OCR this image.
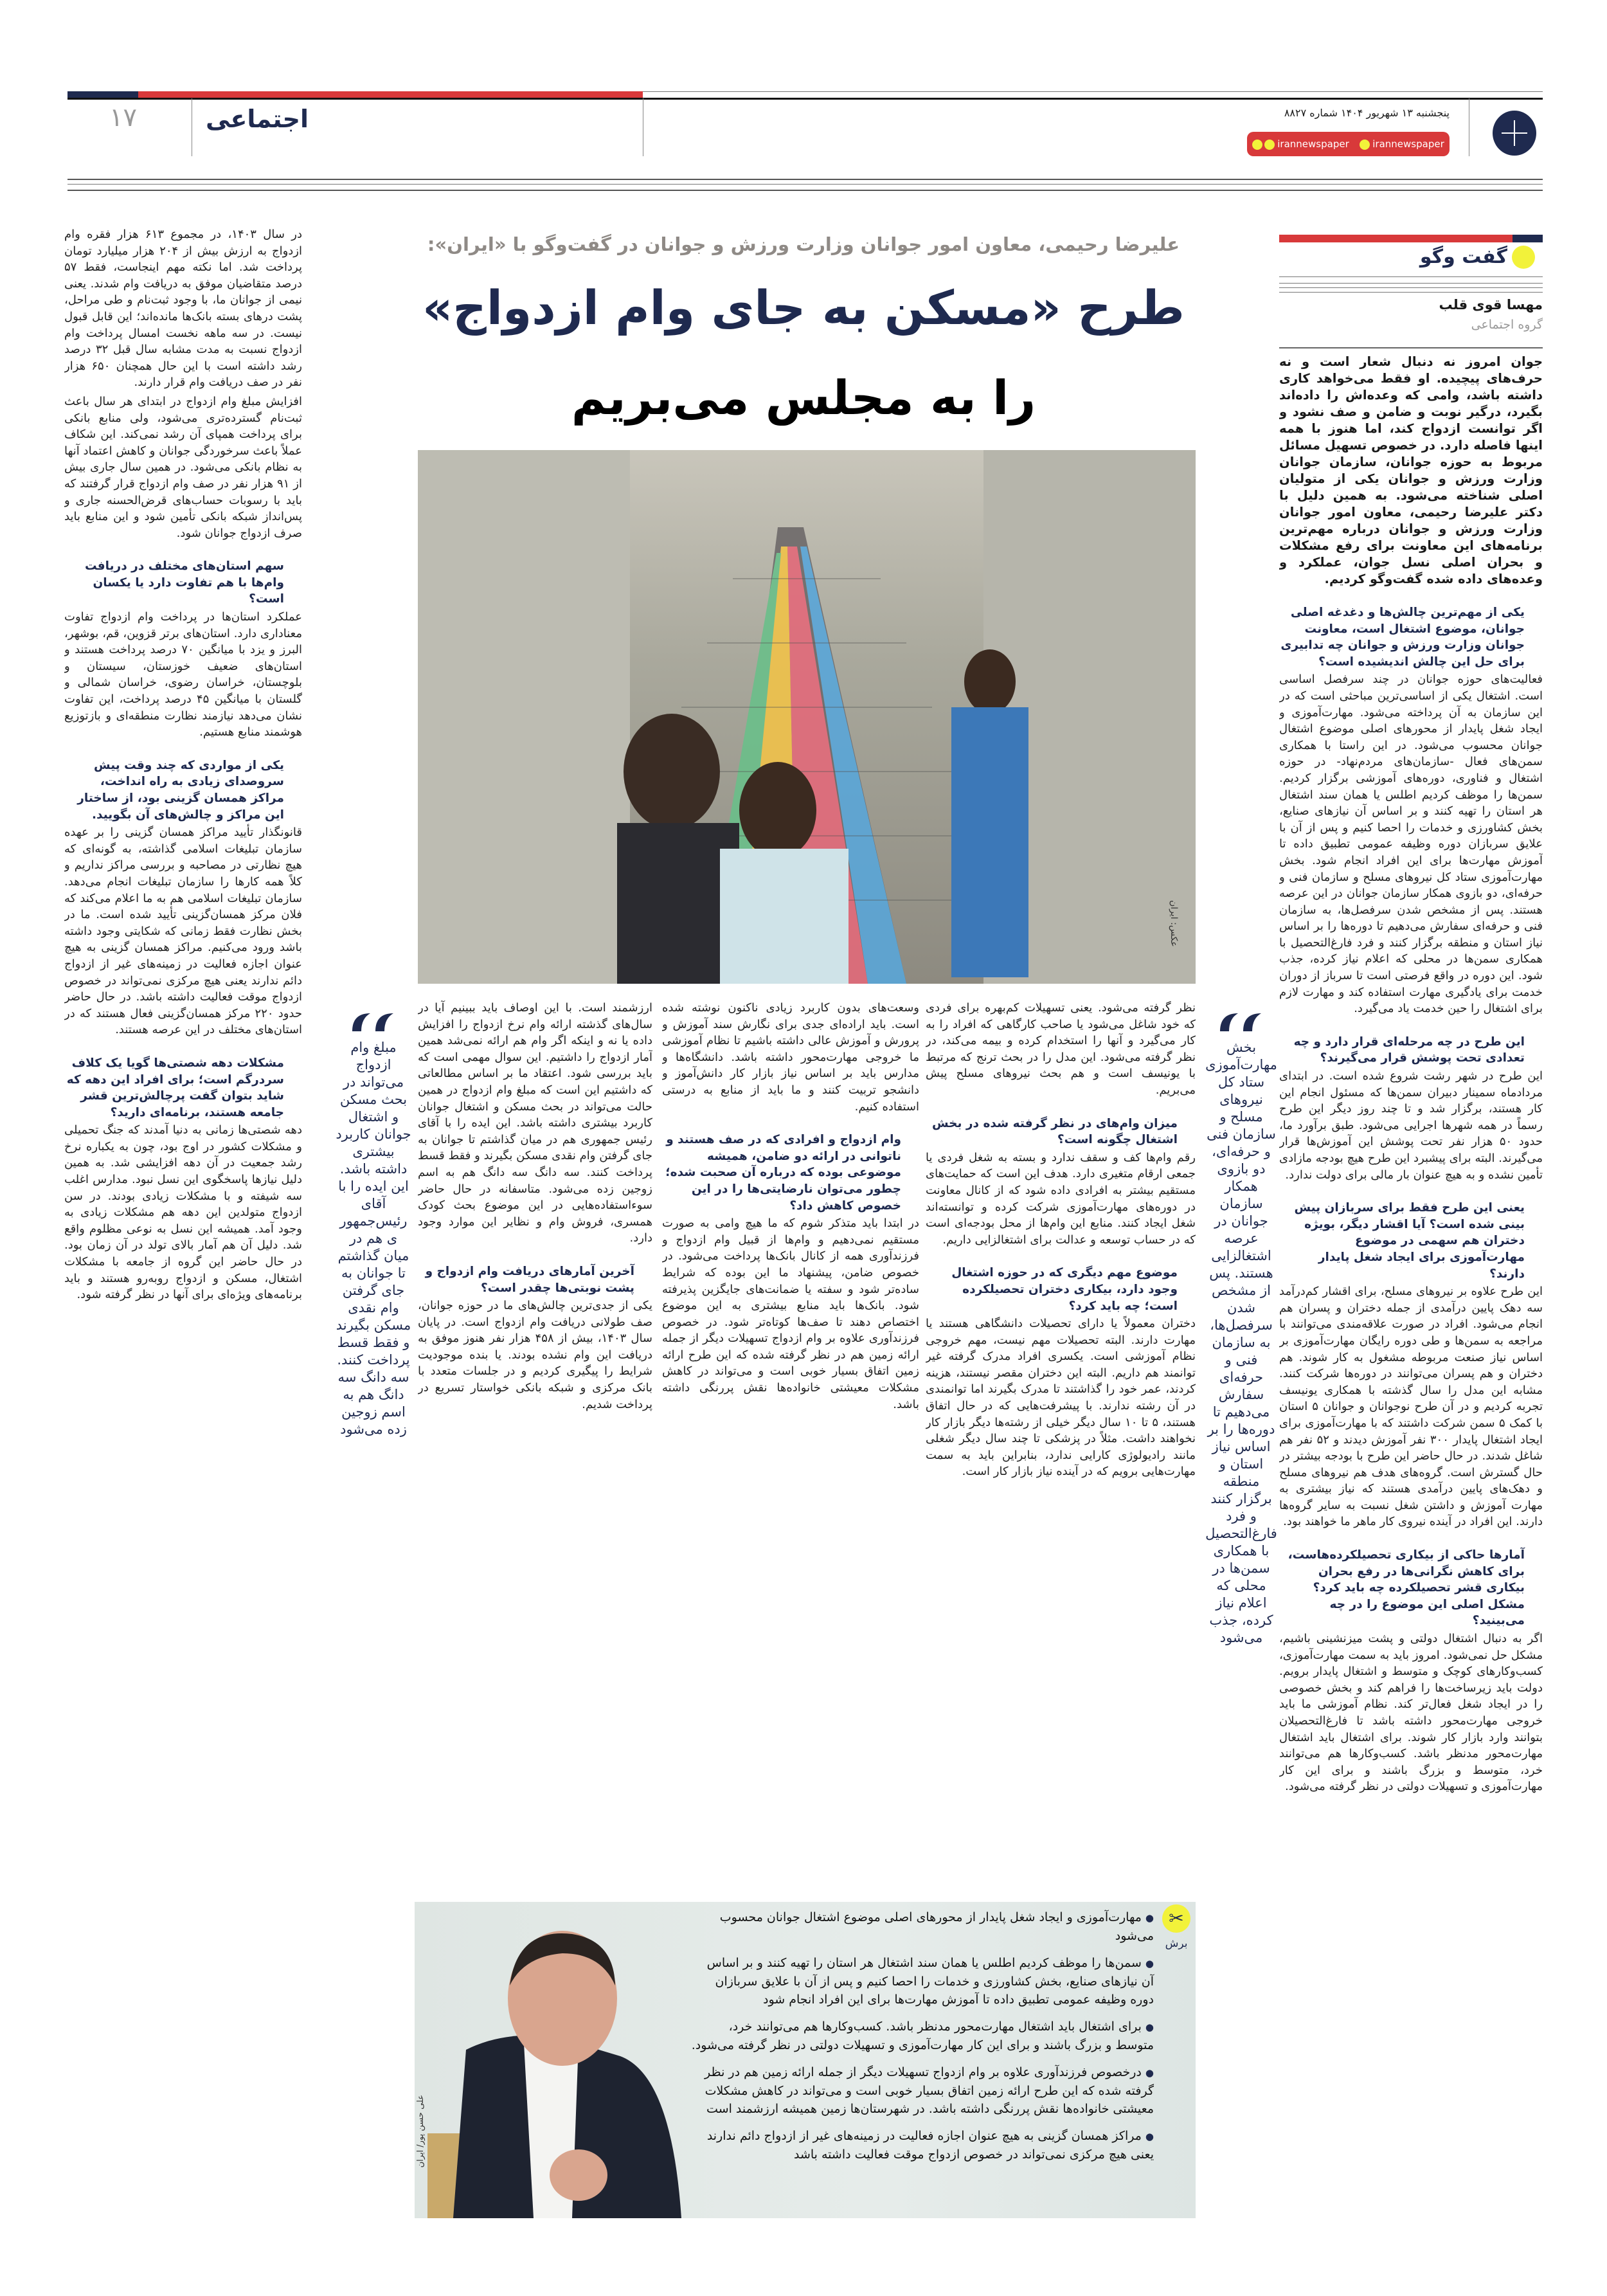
۱۷	اجتماعی	پنجشنبه ۱۳ شهریور ۱۴۰۴ شماره ۸۸۲۷
irannewspaper	irannewspaper
علیرضا رحیمی، معاون امور جوانان وزارت ورزش و جوانان در گفت‌وگو با «ایران»:
طرح «مسکن به جای وام ازدواج»
را به مجلس می‌بریم
عکس: ایران
گفت وگو
مهسا قوی قلب
گروه اجتماعی
جوان امروز نه دنبال شعار است و نه حرف‌های پیچیده. او فقط می‌خواهد کاری داشته باشد، وامی که وعده‌اش را داده‌اند بگیرد، درگیر نوبت و ضامن و صف نشود و اگر توانست ازدواج کند، اما هنوز با همه اینها فاصله دارد. در خصوص تسهیل مسائل مربوط به حوزه جوانان، سازمان جوانان وزارت ورزش و جوانان یکی از متولیان اصلی شناخته می‌شود. به همین دلیل با دکتر علیرضا رحیمی، معاون امور جوانان وزارت ورزش و جوانان درباره مهم‌ترین برنامه‌های این معاونت برای رفع مشکلات و بحران اصلی نسل جوان، عملکرد و وعده‌های داده شده گفت‌وگو کردیم.
یکی از مهم‌ترین چالش‌ها و دغدغه اصلی جوانان، موضوع اشتغال است، معاونت جوانان وزارت ورزش و جوانان چه تدابیری برای حل این چالش اندیشیده است؟

فعالیت‌های حوزه جوانان در چند سرفصل اساسی است. اشتغال یکی از اساسی‌ترین مباحثی است که در این سازمان به آن پرداخته می‌شود. مهارت‌آموزی و ایجاد شغل پایدار از محورهای اصلی موضوع اشتغال جوانان محسوب می‌شود. در این راستا با همکاری سمن‌های فعال -سازمان‌های مردم‌نهاد- در حوزه اشتغال و فناوری، دوره‌های آموزشی برگزار کردیم. سمن‌ها را موظف کردیم اطلس یا همان سند اشتغال هر استان را تهیه کنند و بر اساس آن نیازهای صنایع، بخش کشاورزی و خدمات را احصا کنیم و پس از آن با علایق سربازان دوره وظیفه عمومی تطبیق داده تا آموزش مهارت‌ها برای این افراد انجام شود. بخش مهارت‌آموزی ستاد کل نیروهای مسلح و سازمان فنی و حرفه‌ای، دو بازوی همکار سازمان جوانان در این عرصه هستند. پس از مشخص شدن سرفصل‌ها، به سازمان فنی و حرفه‌ای سفارش می‌دهیم تا دوره‌ها را بر اساس نیاز استان و منطقه برگزار کنند و فرد فارغ‌التحصیل با همکاری سمن‌ها در محلی که اعلام نیاز کرده، جذب شود. این دوره در واقع فرصتی است تا سرباز از دوران خدمت برای یادگیری مهارت استفاده کند و مهارت لازم برای اشتغال را حین خدمت یاد می‌گیرد.

این طرح در چه مرحله‌ای قرار دارد و چه تعدادی تحت پوشش قرار می‌گیرند؟

این طرح در شهر رشت شروع شده است. در ابتدای مردادماه سمینار دبیران سمن‌ها که مسئول انجام این کار هستند، برگزار شد و تا چند روز دیگر این طرح رسماً در همه شهرها اجرایی می‌شود. طبق برآورد ما، حدود ۵۰ هزار نفر تحت پوشش این آموزش‌ها قرار می‌گیرند. البته برای پیشبرد این طرح هیچ بودجه مازادی تأمین نشده و به هیچ عنوان بار مالی برای دولت ندارد.

یعنی این طرح فقط برای سربازان پیش بینی شده است؟ آیا اقشار دیگر، بویژه دختران هم سهمی در موضوع مهارت‌آموزی برای ایجاد شغل پایدار دارند؟

این طرح علاوه بر نیروهای مسلح، برای اقشار کم‌درآمد سه دهک پایین درآمدی از جمله دختران و پسران هم انجام می‌شود. افراد در صورت علاقه‌مندی می‌توانند با مراجعه به سمن‌ها و طی دوره رایگان مهارت‌آموزی بر اساس نیاز صنعت مربوطه مشغول به کار شوند. هم دختران و هم پسران می‌توانند در دوره‌ها شرکت کنند. مشابه این مدل را سال گذشته با همکاری یونیسف تجربه کردیم و در آن طرح نوجوانان و جوانان ۵ استان با کمک ۵ سمن شرکت داشتند که با مهارت‌آموزی برای ایجاد اشتغال پایدار ۳۰۰ نفر آموزش دیدند و ۵۲ نفر هم شاغل شدند. در حال حاضر این طرح با بودجه بیشتر در حال گسترش است. گروه‌های هدف هم نیروهای مسلح و دهک‌های پایین درآمدی هستند که نیاز بیشتری به مهارت آموزش و داشتن شغل نسبت به سایر گروه‌ها دارند. این افراد در آینده نیروی کار ماهر ما خواهند بود.

آمارها حاکی از بیکاری تحصیلکرده‌هاست، برای کاهش نگرانی‌ها در رفع بحران بیکاری قشر تحصیلکرده چه باید کرد؟ مشکل اصلی این موضوع را در چه می‌بینید؟

اگر به دنبال اشتغال دولتی و پشت میزنشینی باشیم، مشکل حل نمی‌شود. امروز باید به سمت مهارت‌آموزی، کسب‌وکارهای کوچک و متوسط و اشتغال پایدار برویم. دولت باید زیرساخت‌ها را فراهم کند و بخش خصوصی را در ایجاد شغل فعال‌تر کند. نظام آموزشی ما باید خروجی مهارت‌محور داشته باشد تا فارغ‌التحصیلان بتوانند وارد بازار کار شوند. برای اشتغال باید اشتغال مهارت‌محور مدنظر باشد. کسب‌وکارها هم می‌توانند خرد، متوسط و بزرگ باشند و برای این کار مهارت‌آموزی و تسهیلات دولتی در نظر گرفته می‌شود.

نظر گرفته می‌شود. یعنی تسهیلات کم‌بهره برای فردی که خود شاغل می‌شود یا صاحب کارگاهی که افراد را به کار می‌گیرد و آنها را استخدام کرده و بیمه می‌کند، در نظر گرفته می‌شود. این مدل را در بحث ترنج که مرتبط با یونیسف است و هم بحث نیروهای مسلح پیش می‌بریم.

میزان وام‌های در نظر گرفته شده در بخش اشتغال چگونه است؟

رقم وام‌ها کف و سقف ندارد و بسته به شغل فردی یا جمعی ارقام متغیری دارد. هدف این است که حمایت‌های مستقیم بیشتر به افرادی داده شود که از کانال معاونت در دوره‌های مهارت‌آموزی شرکت کرده و توانسته‌اند شغل ایجاد کنند. منابع این وام‌ها از محل بودجه‌ای است که در حساب توسعه و عدالت برای اشتغالزایی داریم.

موضوع مهم دیگری که در حوزه اشتغال وجود دارد، بیکاری دختران تحصیلکرده است؛ چه باید کرد؟

دختران معمولاً یا دارای تحصیلات دانشگاهی هستند یا مهارت دارند. البته تحصیلات مهم نیست، مهم خروجی نظام آموزشی است. یکسری افراد مدرک گرفته غیر توانمند هم داریم. البته این دختران مقصر نیستند، هزینه کردند، عمر خود را گذاشتند تا مدرک بگیرند اما توانمندی در آن رشته ندارند. با پیشرفت‌هایی که در حال اتفاق هستند، ۵ تا ۱۰ سال دیگر خیلی از رشته‌ها دیگر بازار کار نخواهند داشت. مثلاً در پزشکی تا چند سال دیگر شغلی مانند رادیولوژی کارایی ندارد، بنابراین باید به سمت مهارت‌هایی برویم که در آینده نیاز بازار کار است.

وسعت‌های بدون کاربرد زیادی ناکنون نوشته شده است. باید اراده‌ای جدی برای نگارش سند آموزش و پرورش و آموزش عالی داشته باشیم تا نظام آموزشی ما خروجی مهارت‌محور داشته باشد. دانشگاه‌ها و مدارس باید بر اساس نیاز بازار کار دانش‌آموز و دانشجو تربیت کنند و ما باید از منابع به درستی استفاده کنیم.

وام ازدواج و افرادی که در صف هستند و ناتوانی در ارائه دو ضامن، همیشه موضوعی بوده که درباره آن صحبت شده؛ چطور می‌توان نارضایتی‌ها را در این خصوص کاهش داد؟

در ابتدا باید متذکر شوم که ما هیچ وامی به صورت مستقیم نمی‌دهیم و وام‌ها از قبیل وام ازدواج و فرزندآوری همه از کانال بانک‌ها پرداخت می‌شود. در خصوص ضامن، پیشنهاد ما این بوده که شرایط ساده‌تر شود و سفته یا ضمانت‌های جایگزین پذیرفته شود. بانک‌ها باید منابع بیشتری به این موضوع اختصاص دهند تا صف‌ها کوتاه‌تر شود. در خصوص فرزندآوری علاوه بر وام ازدواج تسهیلات دیگر از جمله ارائه زمین هم در نظر گرفته شده که این طرح ارائه زمین اتفاق بسیار خوبی است و می‌تواند در کاهش مشکلات معیشتی خانواده‌ها نقش پررنگی داشته باشد.

ارزشمند است. با این اوصاف باید ببینیم آیا در سال‌های گذشته ارائه وام نرخ ازدواج را افزایش داده یا نه و اینکه اگر وام هم ارائه نمی‌شد همین آمار ازدواج را داشتیم. این سوال مهمی است که باید بررسی شود. اعتقاد ما بر اساس مطالعاتی که داشتیم این است که مبلغ وام ازدواج در همین حالت می‌تواند در بحث مسکن و اشتغال جوانان کاربرد بیشتری داشته باشد. این ایده را با آقای رئیس جمهوری هم در میان گذاشتم تا جوانان به جای گرفتن وام نقدی مسکن بگیرند و فقط قسط پرداخت کنند. سه دانگ سه دانگ هم به اسم زوجین زده می‌شود. متاسفانه در حال حاضر سوءاستفاده‌هایی در این موضوع بحث کودک همسری، فروش وام و نظایر این موارد وجود دارد.

آخرین آمارهای دریافت وام ازدواج و پشت نوبتی‌ها چقدر است؟

یکی از جدی‌ترین چالش‌های ما در حوزه جوانان، صف طولانی دریافت وام ازدواج است. در پایان سال ۱۴۰۳، بیش از ۴۵۸ هزار نفر هنوز موفق به دریافت این وام نشده بودند. یا بنده موجودیت شرایط را پیگیری کردیم و در جلسات متعدد با بانک مرکزی و شبکه بانکی خواستار تسریع در پرداخت شدیم.

در سال ۱۴۰۳، در مجموع ۶۱۳ هزار فقره وام ازدواج به ارزش بیش از ۲۰۴ هزار میلیارد تومان پرداخت شد. اما نکته مهم اینجاست، فقط ۵۷ درصد متقاضیان موفق به دریافت وام شدند. یعنی نیمی از جوانان ما، با وجود ثبت‌نام و طی مراحل، پشت درهای بسته بانک‌ها مانده‌اند؛ این قابل قبول نیست. در سه ماهه نخست امسال پرداخت وام ازدواج نسبت به مدت مشابه سال قبل ۳۲ درصد رشد داشته است با این حال همچنان ۶۵۰ هزار نفر در صف دریافت وام قرار دارند.

افزایش مبلغ وام ازدواج در ابتدای هر سال باعث ثبت‌نام گسترده‌تری می‌شود، ولی منابع بانکی برای پرداخت همپای آن رشد نمی‌کند. این شکاف عملاً باعث سرخوردگی جوانان و کاهش اعتماد آنها به نظام بانکی می‌شود. در همین سال جاری بیش از ۹۱ هزار نفر در صف وام ازدواج قرار گرفتند که باید با رسوبات حساب‌های قرض‌الحسنه جاری و پس‌انداز شبکه بانکی تأمین شود و این منابع باید صرف ازدواج جوانان شود.

سهم استان‌های مختلف در دریافت وام‌ها با هم تفاوت دارد یا یکسان است؟

عملکرد استان‌ها در پرداخت وام ازدواج تفاوت معناداری دارد. استان‌های برتر قزوین، قم، بوشهر، البرز و یزد با میانگین ۷۰ درصد پرداخت هستند و استان‌های ضعیف خوزستان، سیستان و بلوچستان، خراسان رضوی، خراسان شمالی و گلستان با میانگین ۴۵ درصد پرداخت، این تفاوت نشان می‌دهد نیازمند نظارت منطقه‌ای و بازتوزیع هوشمند منابع هستیم.

یکی از مواردی که چند وقت پیش سروصدای زیادی به راه انداخت، مراکز همسان گزینی بود، از ساختار این مراکز و چالش‌های آن بگویید.

قانونگذار تأیید مراکز همسان گزینی را بر عهده سازمان تبلیغات اسلامی گذاشته، به گونه‌ای که هیچ نظارتی در مصاحبه و بررسی مراکز نداریم و کلاً همه کارها را سازمان تبلیغات انجام می‌دهد. سازمان تبلیغات اسلامی هم به ما اعلام می‌کند که فلان مرکز همسان‌گزینی تأیید شده است. ما در بخش نظارت فقط زمانی که شکایتی وجود داشته باشد ورود می‌کنیم. مراکز همسان گزینی به هیچ عنوان اجازه فعالیت در زمینه‌های غیر از ازدواج دائم ندارند یعنی هیچ مرکزی نمی‌تواند در خصوص ازدواج موقت فعالیت داشته باشد. در حال حاضر حدود ۲۲۰ مرکز همسان‌گزینی فعال هستند که در استان‌های مختلف در این عرصه هستند.

مشکلات دهه شصتی‌ها گویا یک کلاف سردرگم است؛ برای افراد این دهه که شاید بتوان گفت پرچالش‌ترین قشر جامعه هستند، برنامه‌ای دارید؟

دهه شصتی‌ها زمانی به دنیا آمدند که جنگ تحمیلی و مشکلات کشور در اوج بود، چون به یکباره نرخ رشد جمعیت در آن دهه افزایشی شد. به همین دلیل نیازها پاسخگوی این نسل نبود. مدارس اغلب سه شیفته و با مشکلات زیادی بودند. در سن ازدواج متولدین این دهه هم مشکلات زیادی به وجود آمد. همیشه این نسل به نوعی مظلوم واقع شد. دلیل آن هم آمار بالای تولد در آن زمان بود. در حال حاضر این گروه از جامعه با مشکلات اشتغال، مسکن و ازدواج روبه‌رو هستند و باید برنامه‌های ویژه‌ای برای آنها در نظر گرفته شود.

بخش مهارت‌آموزی ستاد کل نیروهای مسلح و سازمان فنی و حرفه‌ای، دو بازوی همکار سازمان جوانان در عرصه اشتغالزایی هستند. پس از مشخص شدن سرفصل‌ها، به سازمان فنی و حرفه‌ای سفارش می‌دهیم تا دوره‌ها را بر اساس نیاز استان و منطقه برگزار کنند و فرد فارغ‌التحصیل با همکاری سمن‌ها در محلی که اعلام نیاز کرده، جذب می‌شود
مبلغ وام ازدواج می‌تواند در بحث مسکن و اشتغال جوانان کاربرد بیشتری داشته باشد. این ایده را با آقای رئیس‌جمهوری هم در میان گذاشتم تا جوانان به جای گرفتن وام نقدی مسکن بگیرند و فقط قسط پرداخت کنند. سه دانگ سه دانگ هم به اسم زوجین زده می‌شود
علی حسن پور/ ایران
✂
برش
● مهارت‌آموزی و ایجاد شغل پایدار از محورهای اصلی موضوع اشتغال جوانان محسوب می‌شود
● سمن‌ها را موظف کردیم اطلس یا همان سند اشتغال هر استان را تهیه کنند و بر اساس آن نیازهای صنایع، بخش کشاورزی و خدمات را احصا کنیم و پس از آن با علایق سربازان دوره وظیفه عمومی تطبیق داده تا آموزش مهارت‌ها برای این افراد انجام شود
● برای اشتغال باید اشتغال مهارت‌محور مدنظر باشد. کسب‌وکارها هم می‌توانند خرد، متوسط و بزرگ باشند و برای این کار مهارت‌آموزی و تسهیلات دولتی در نظر گرفته می‌شود.
● درخصوص فرزندآوری علاوه بر وام ازدواج تسهیلات دیگر از جمله ارائه زمین هم در نظر گرفته شده که این طرح ارائه زمین اتفاق بسیار خوبی است و می‌تواند در کاهش مشکلات معیشتی خانواده‌ها نقش پررنگی داشته باشد. در شهرستان‌ها زمین همیشه ارزشمند است
● مراکز همسان گزینی به هیچ عنوان اجازه فعالیت در زمینه‌های غیر از ازدواج دائم ندارند یعنی هیچ مرکزی نمی‌تواند در خصوص ازدواج موقت فعالیت داشته باشد
